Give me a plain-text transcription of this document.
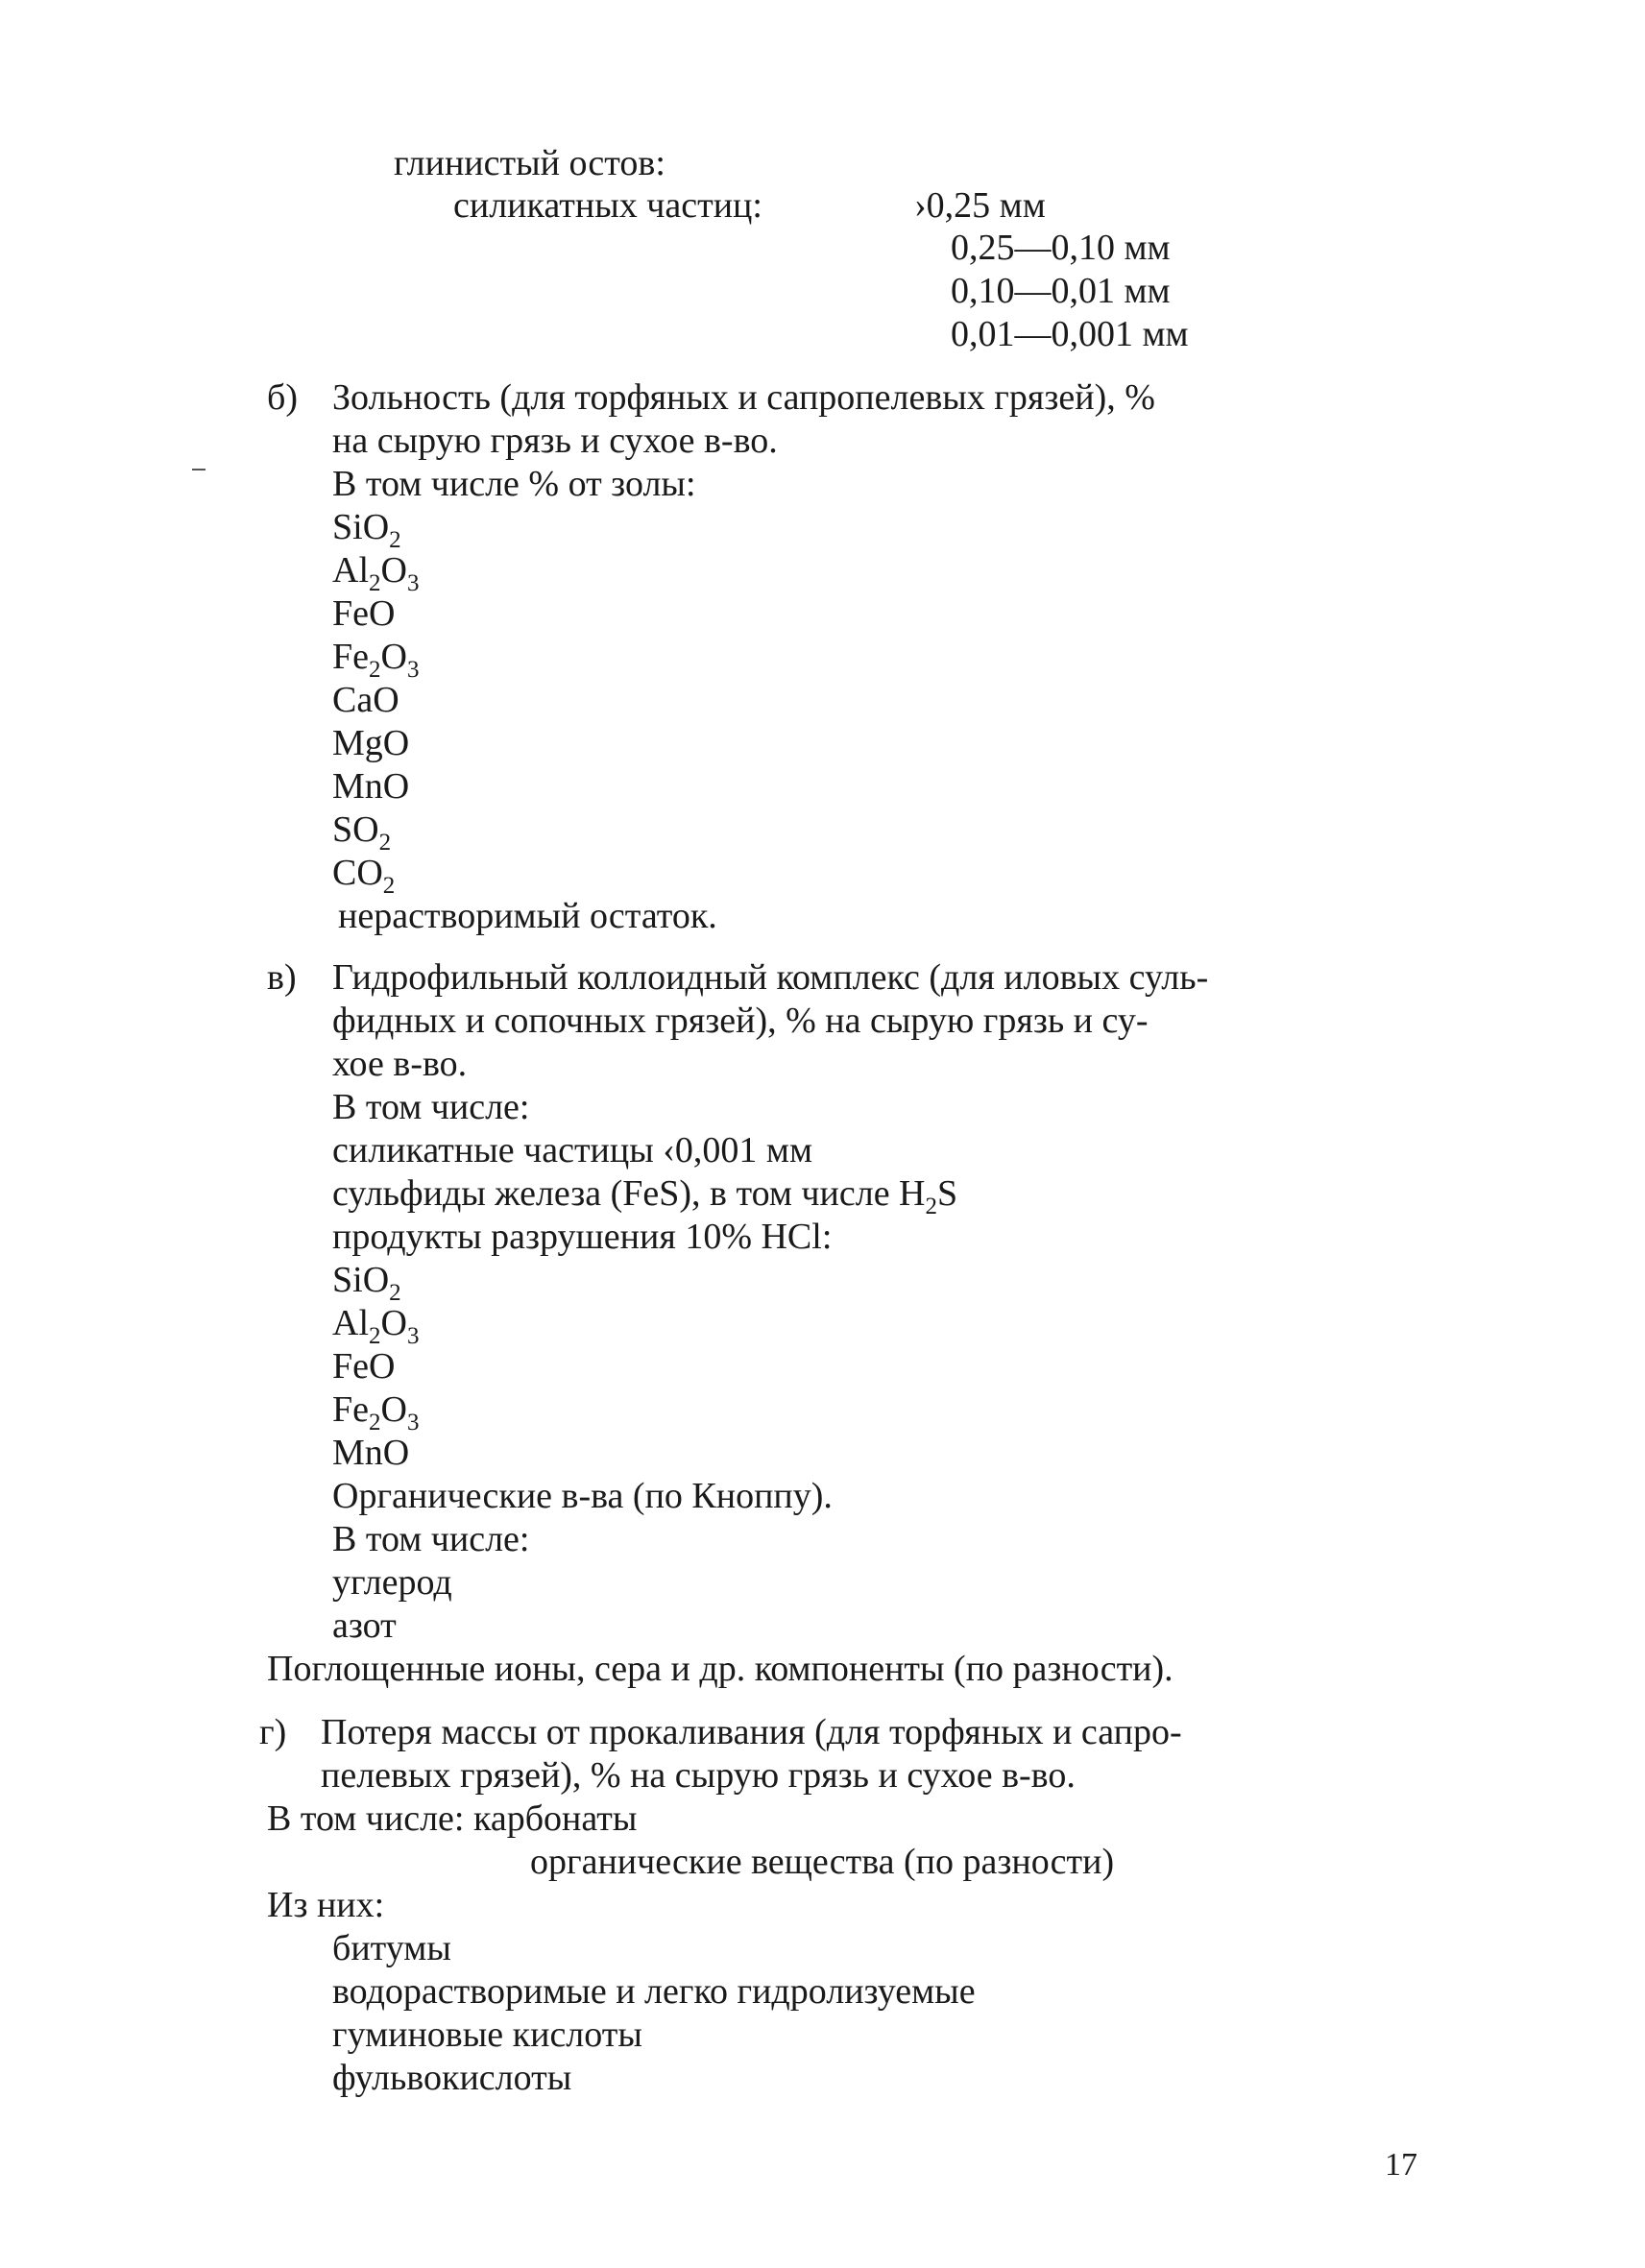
глинистый остов:
силикатных частиц:	›0,25 мм
0,25—0,10 мм
0,10—0,01 мм
0,01—0,001 мм
б) Зольность (для торфяных и сапропелевых грязей), %
на сырую грязь и сухое в-во.
В том числе % от золы:
SiO$_2$
$Al_2O_3$
FeO
$Fe_2O_3$
CaO
MgO
MnO
$SO_2$
$CO_2$
нерастворимый остаток.
в) Гидрофильный коллоидный комплекс (для иловых суль-
фидных и сопочных грязей), % на сырую грязь и су-
хое в-во.
В том числе:
силикатные частицы ‹0,001 мм
сульфиды железа (FeS), в том числе $H_2S$
продукты разрушения 10% HCl:
SiO$_2$
$Al_2O_3$
FeO
$Fe_2O_3$
MnO
Органические в-ва (по Кноппу).
В том числе:
углерод
азот
Поглощенные ионы, сера и др. компоненты (по разности).
г) Потеря массы от прокаливания (для торфяных и сапро-
пелевых грязей), % на сырую грязь и сухое в-во.
В том числе: карбонаты
органические вещества (по разности)
Из них:
битумы
водорастворимые и легко гидролизуемые
гуминовые кислоты
фульвокислоты
17
